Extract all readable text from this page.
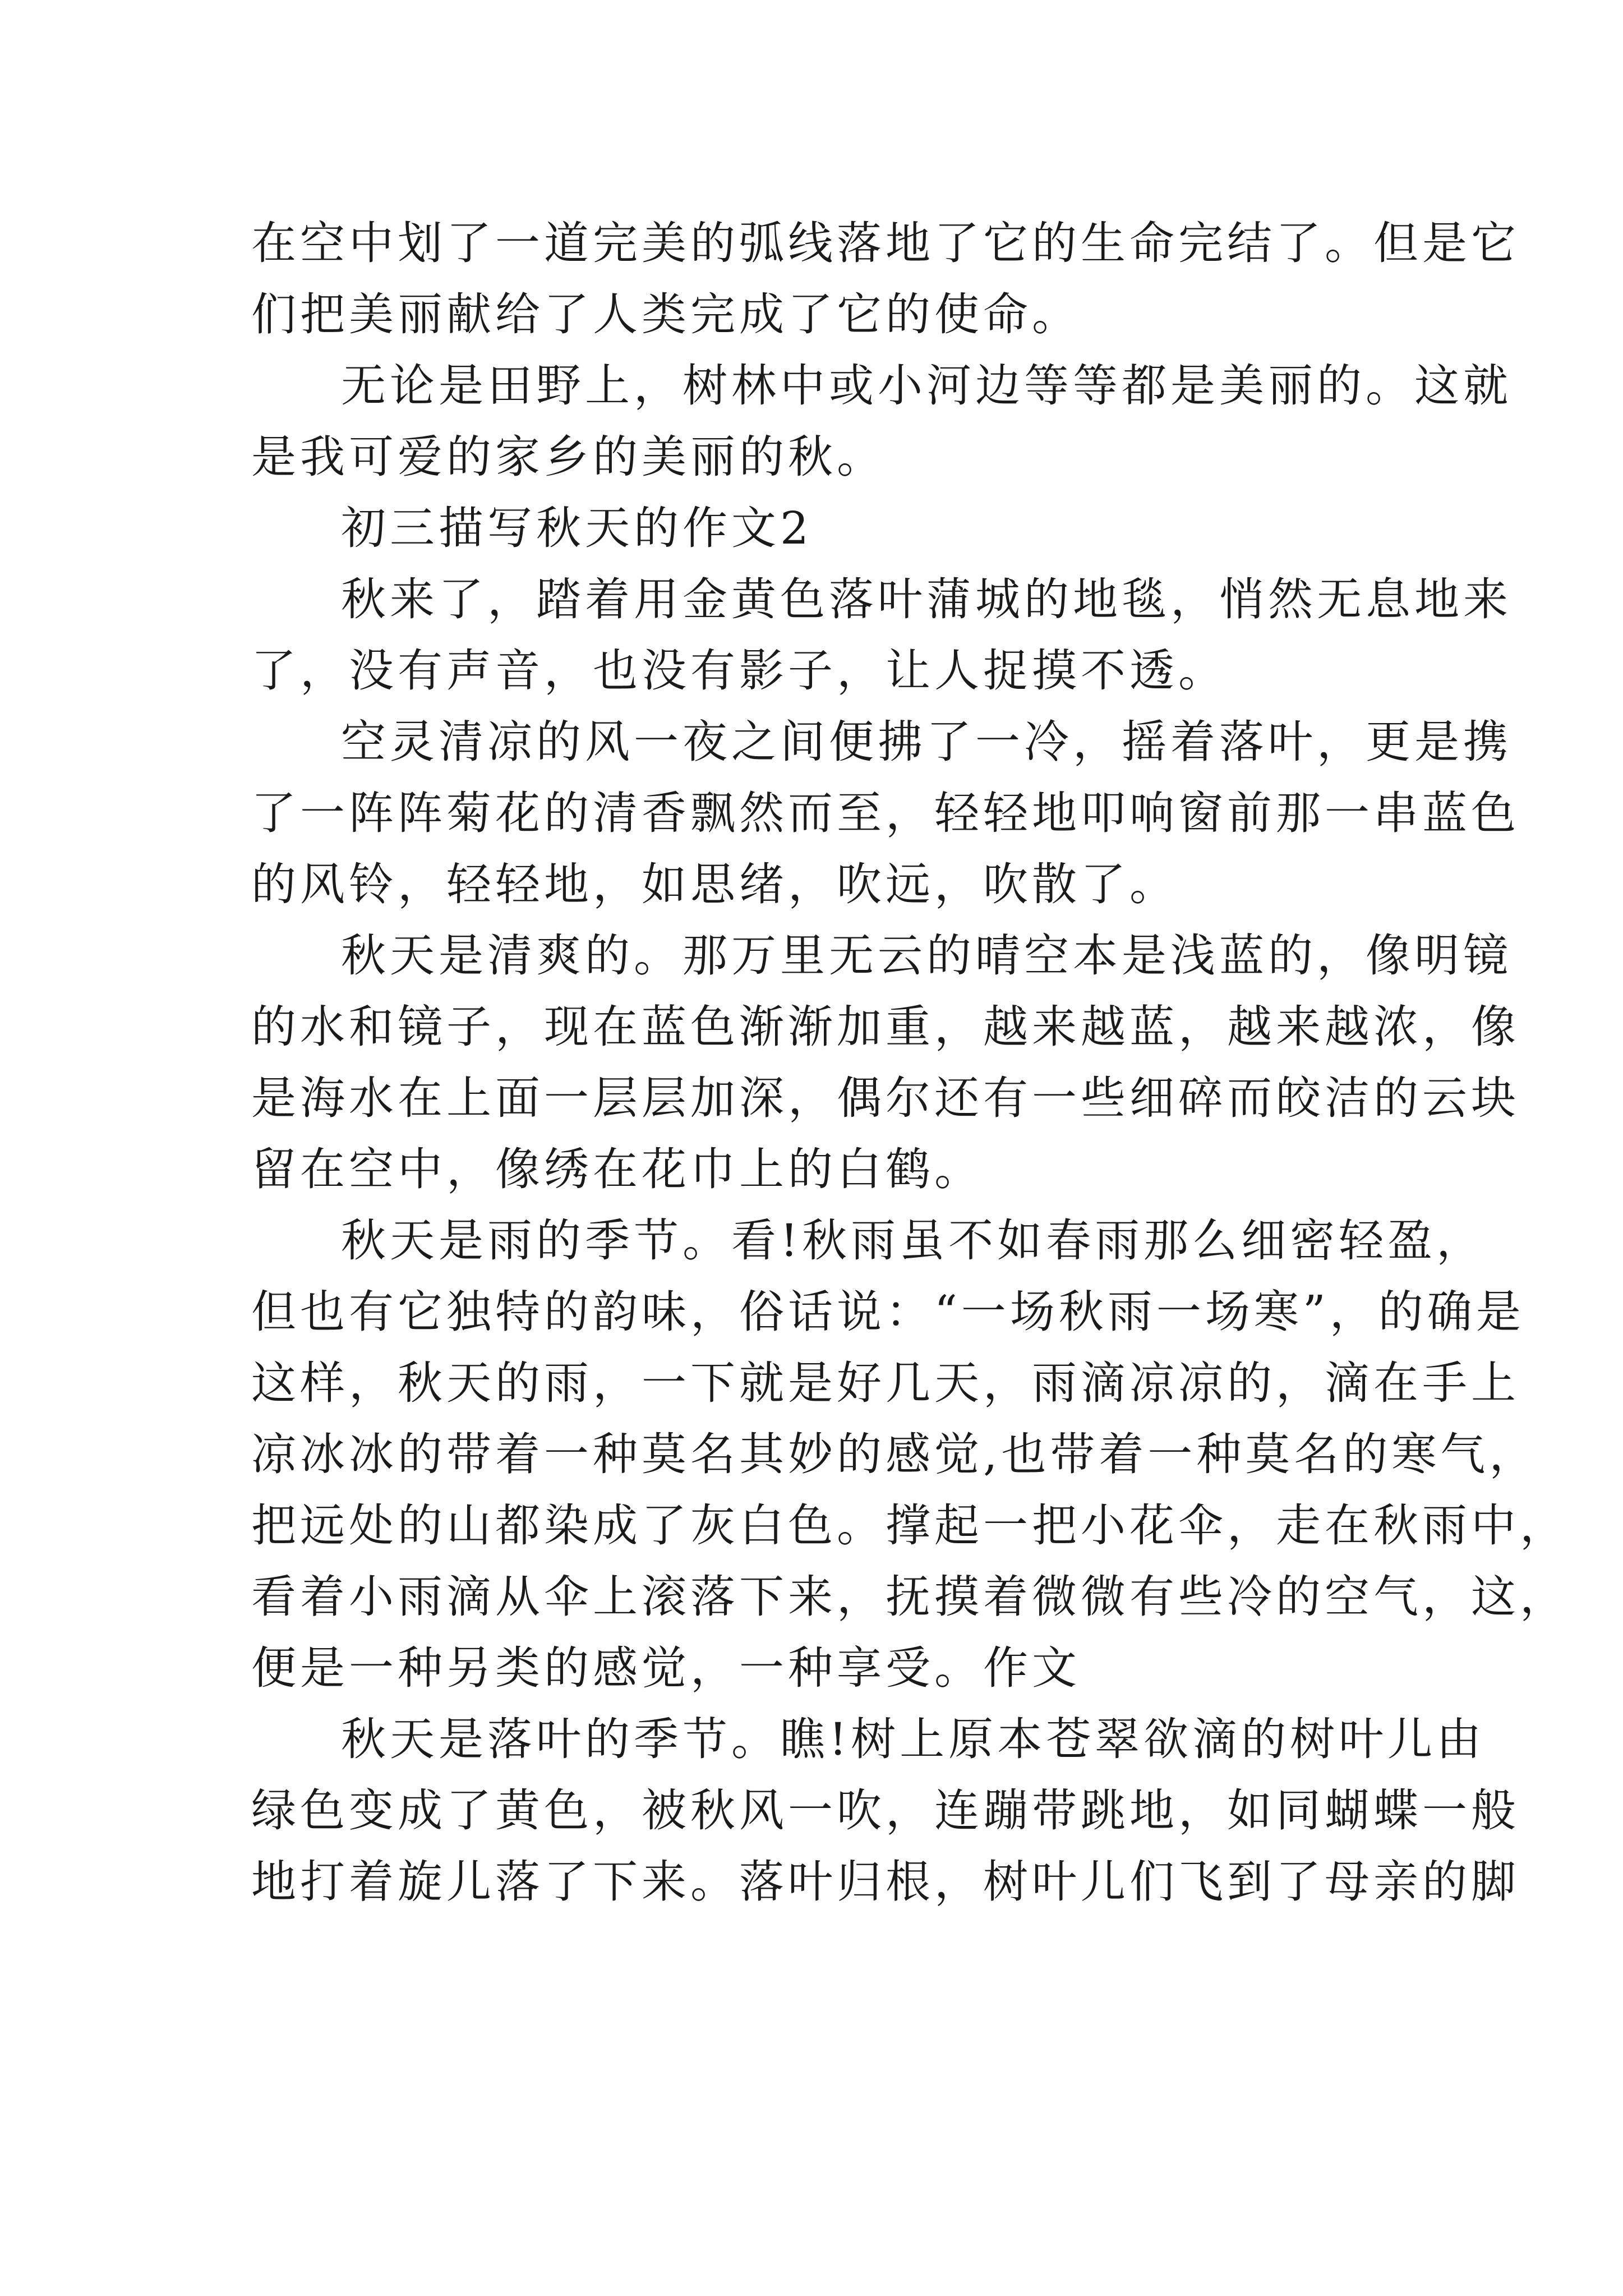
在空中划了一道完美的弧线落地了它的生命完结了。但是它
们把美丽献给了人类完成了它的使命。
无论是田野上，树林中或小河边等等都是美丽的。这就
是我可爱的家乡的美丽的秋。
初三描写秋天的作文2
秋来了，踏着用金黄色落叶蒲城的地毯，悄然无息地来
了，没有声音，也没有影子，让人捉摸不透。
空灵清凉的风一夜之间便拂了一冷，摇着落叶，更是携
了一阵阵菊花的清香飘然而至，轻轻地叩响窗前那一串蓝色
的风铃，轻轻地，如思绪，吹远，吹散了。
秋天是清爽的。那万里无云的晴空本是浅蓝的，像明镜
的水和镜子，现在蓝色渐渐加重，越来越蓝，越来越浓，像
是海水在上面一层层加深，偶尔还有一些细碎而皎洁的云块
留在空中，像绣在花巾上的白鹤。
秋天是雨的季节。看!秋雨虽不如春雨那么细密轻盈，
但也有它独特的韵味，俗话说：“一场秋雨一场寒”，的确是
这样，秋天的雨，一下就是好几天，雨滴凉凉的，滴在手上
凉冰冰的带着一种莫名其妙的感觉,也带着一种莫名的寒气，
把远处的山都染成了灰白色。撑起一把小花伞，走在秋雨中，
看着小雨滴从伞上滚落下来，抚摸着微微有些冷的空气，这，
便是一种另类的感觉，一种享受。作文
秋天是落叶的季节。瞧!树上原本苍翠欲滴的树叶儿由
绿色变成了黄色，被秋风一吹，连蹦带跳地，如同蝴蝶一般
地打着旋儿落了下来。落叶归根，树叶儿们飞到了母亲的脚
